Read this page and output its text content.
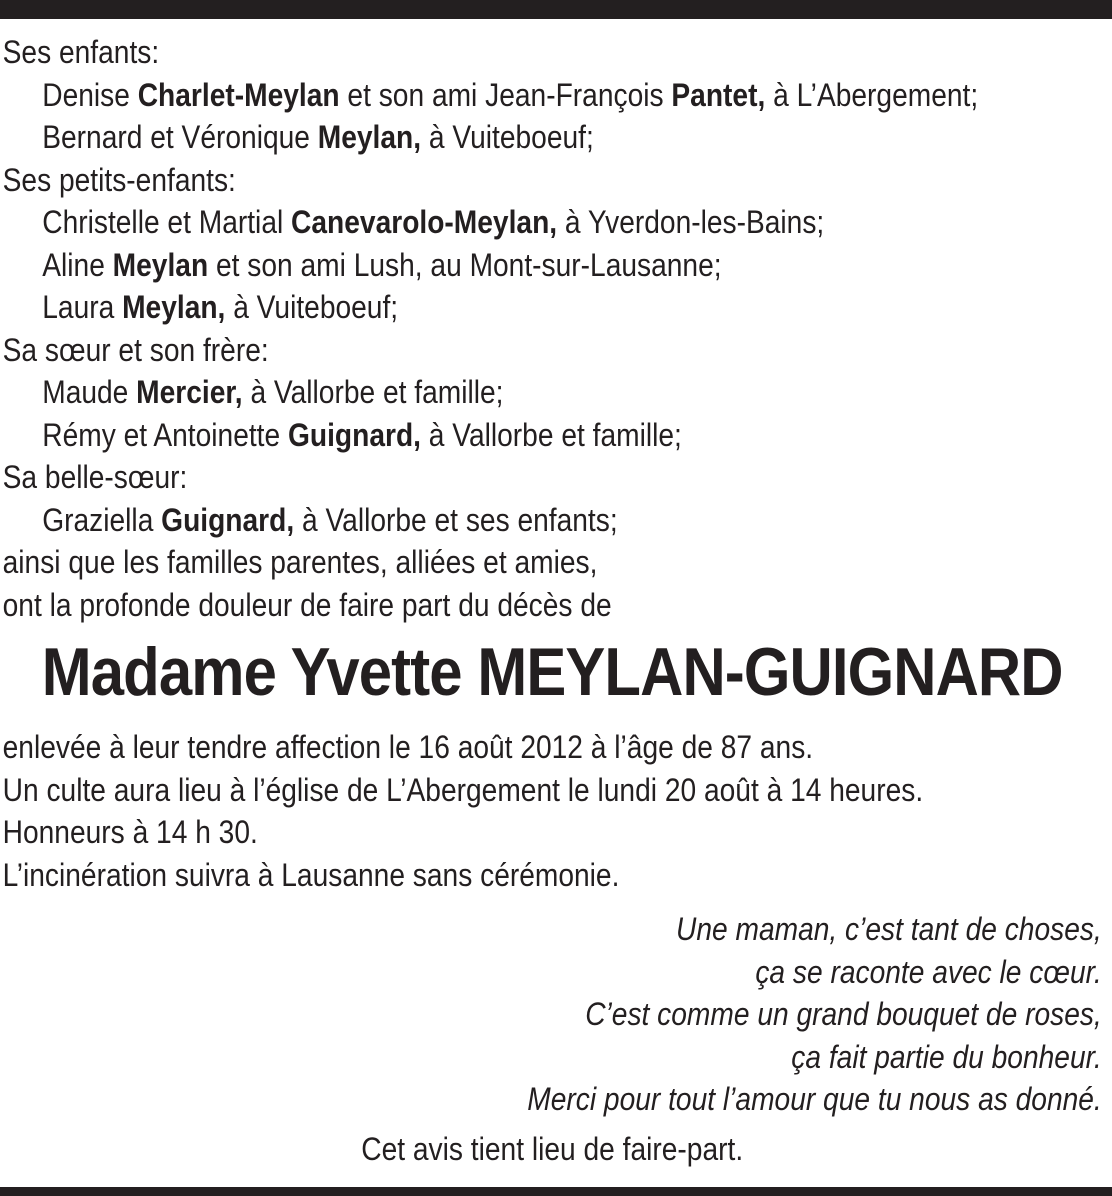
Ses enfants:
Denise Charlet-Meylan et son ami Jean-François Pantet, à L’Abergement;
Bernard et Véronique Meylan, à Vuiteboeuf;
Ses petits-enfants:
Christelle et Martial Canevarolo-Meylan, à Yverdon-les-Bains;
Aline Meylan et son ami Lush, au Mont-sur-Lausanne;
Laura Meylan, à Vuiteboeuf;
Sa sœur et son frère:
Maude Mercier, à Vallorbe et famille;
Rémy et Antoinette Guignard, à Vallorbe et famille;
Sa belle-sœur:
Graziella Guignard, à Vallorbe et ses enfants;
ainsi que les familles parentes, alliées et amies,
ont la profonde douleur de faire part du décès de
Madame Yvette MEYLAN-GUIGNARD
enlevée à leur tendre affection le 16 août 2012 à l’âge de 87 ans.
Un culte aura lieu à l’église de L’Abergement le lundi 20 août à 14 heures.
Honneurs à 14 h 30.
L’incinération suivra à Lausanne sans cérémonie.
Une maman, c’est tant de choses,
ça se raconte avec le cœur.
C’est comme un grand bouquet de roses,
ça fait partie du bonheur.
Merci pour tout l’amour que tu nous as donné.
Cet avis tient lieu de faire-part.
